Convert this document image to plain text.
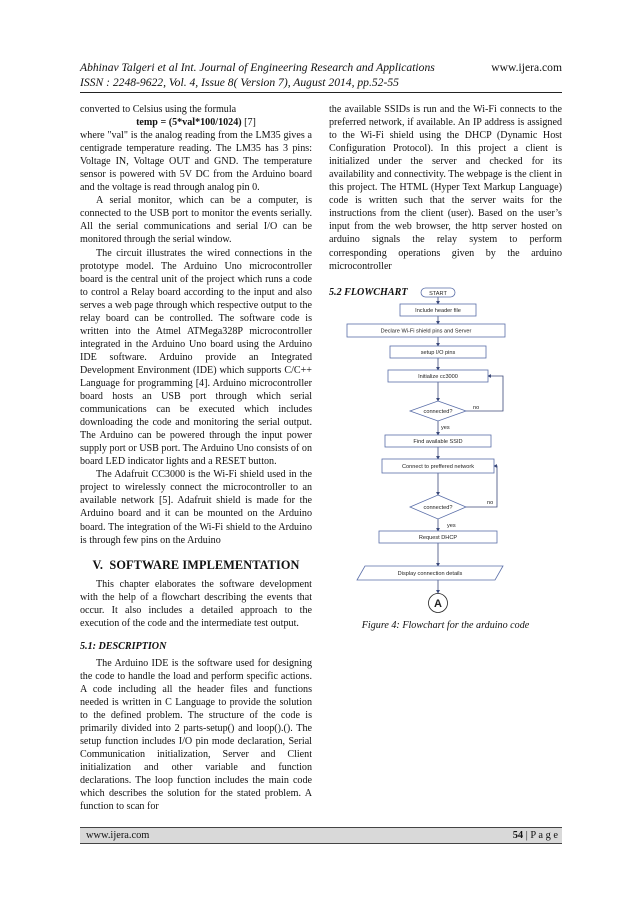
Abhinav Talgeri et al Int. Journal of Engineering Research and Applications
ISSN : 2248-9622, Vol. 4, Issue 8( Version 7), August 2014, pp.52-55
www.ijera.com

converted to Celsius using the formula

temp = (5*val*100/1024) [7]

where "val" is the analog reading from the LM35 gives a centigrade temperature reading. The LM35 has 3 pins: Voltage IN, Voltage OUT and GND. The temperature sensor is powered with 5V DC from the Arduino board and the voltage is read through analog pin 0.

A serial monitor, which can be a computer, is connected to the USB port to monitor the events serially. All the serial communications and serial I/O can be monitored through the serial window.

The circuit illustrates the wired connections in the prototype model. The Arduino Uno microcontroller board is the central unit of the project which runs a code to control a Relay board according to the input and also serves a web page through which respective output to the relay board can be controlled. The software code is written into the Atmel ATMega328P microcontroller integrated in the Arduino Uno board using the Arduino IDE software. Arduino provide an Integrated Development Environment (IDE) which supports C/C++ Language for programming [4]. Arduino microcontroller board hosts an USB port through which serial communications can be executed which includes downloading the code and monitoring the serial output. The Arduino can be powered through the input power supply port or USB port. The Arduino Uno consists of on board LED indicator lights and a RESET button.

The Adafruit CC3000 is the Wi-Fi shield used in the project to wirelessly connect the microcontroller to an available network [5]. Adafruit shield is made for the Arduino board and it can be mounted on the Arduino board. The integration of the Wi-Fi shield to the Arduino is through few pins on the Arduino

V. SOFTWARE IMPLEMENTATION

This chapter elaborates the software development with the help of a flowchart describing the events that occur. It also includes a detailed approach to the execution of the code and the intermediate test output.

5.1: DESCRIPTION

The Arduino IDE is the software used for designing the code to handle the load and perform specific actions. A code including all the header files and functions needed is written in C Language to provide the solution to the defined problem. The structure of the code is primarily divided into 2 parts-setup() and loop().(). The setup function includes I/O pin mode declaration, Serial Communication initialization, Server and Client initialization and other variable and function declarations. The loop function includes the main code which describes the solution for the stated problem. A function to scan for

the available SSIDs is run and the Wi-Fi connects to the preferred network, if available. An IP address is assigned to the Wi-Fi shield using the DHCP (Dynamic Host Configuration Protocol). In this project a client is initialized under the server and checked for its availability and connectivity. The webpage is the client in this project. The HTML (Hyper Text Markup Language) code is written such that the server waits for the instructions from the client (user). Based on the user’s input from the web browser, the http server hosted on arduino signals the relay system to perform corresponding operations given by the arduino microcontroller

5.2 FLOWCHART	START
Include header file
Declare Wi-Fi shield pins and Server
setup I/O pins
Initialize cc3000
connected?
no
yes
Find available SSID
Connect to preffered network
connected?
no
yes
Request DHCP
Display connection details
A
Figure 4: Flowchart for the arduino code
www.ijera.com	54 | P a g e
